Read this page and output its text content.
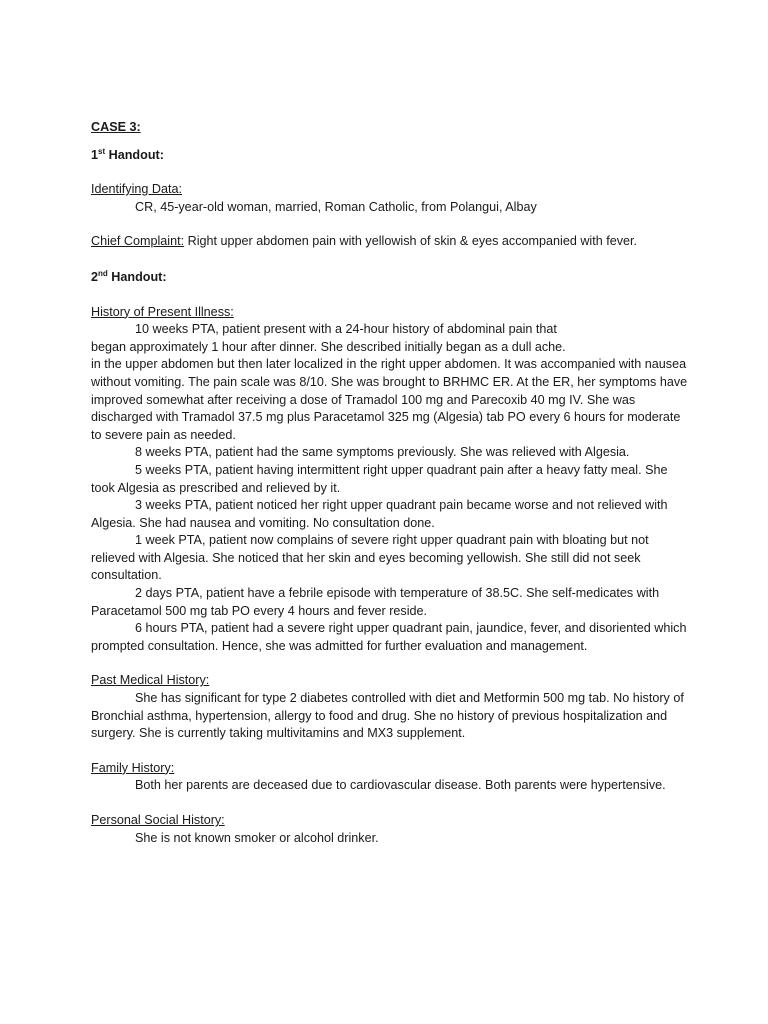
CASE 3:

1st Handout:

Identifying Data:

CR, 45-year-old woman, married, Roman Catholic, from Polangui, Albay

Chief Complaint: Right upper abdomen pain with yellowish of skin & eyes accompanied with fever.

2nd Handout:

History of Present Illness:

10 weeks PTA, patient present with a 24-hour history of abdominal pain that

began approximately 1 hour after dinner. She described initially began as a dull ache.

in the upper abdomen but then later localized in the right upper abdomen. It was accompanied with nausea without vomiting. The pain scale was 8/10. She was brought to BRHMC ER. At the ER, her symptoms have improved somewhat after receiving a dose of Tramadol 100 mg and Parecoxib 40 mg IV. She was discharged with Tramadol 37.5 mg plus Paracetamol 325 mg (Algesia) tab PO every 6 hours for moderate to severe pain as needed.

8 weeks PTA, patient had the same symptoms previously. She was relieved with Algesia.

5 weeks PTA, patient having intermittent right upper quadrant pain after a heavy fatty meal. She took Algesia as prescribed and relieved by it.

3 weeks PTA, patient noticed her right upper quadrant pain became worse and not relieved with Algesia. She had nausea and vomiting. No consultation done.

1 week PTA, patient now complains of severe right upper quadrant pain with bloating but not relieved with Algesia. She noticed that her skin and eyes becoming yellowish. She still did not seek consultation.

2 days PTA, patient have a febrile episode with temperature of 38.5C. She self-medicates with Paracetamol 500 mg tab PO every 4 hours and fever reside.

6 hours PTA, patient had a severe right upper quadrant pain, jaundice, fever, and disoriented which prompted consultation. Hence, she was admitted for further evaluation and management.

Past Medical History:

She has significant for type 2 diabetes controlled with diet and Metformin 500 mg tab. No history of Bronchial asthma, hypertension, allergy to food and drug. She no history of previous hospitalization and surgery. She is currently taking multivitamins and MX3 supplement.

Family History:

Both her parents are deceased due to cardiovascular disease. Both parents were hypertensive.

Personal Social History:

She is not known smoker or alcohol drinker.
